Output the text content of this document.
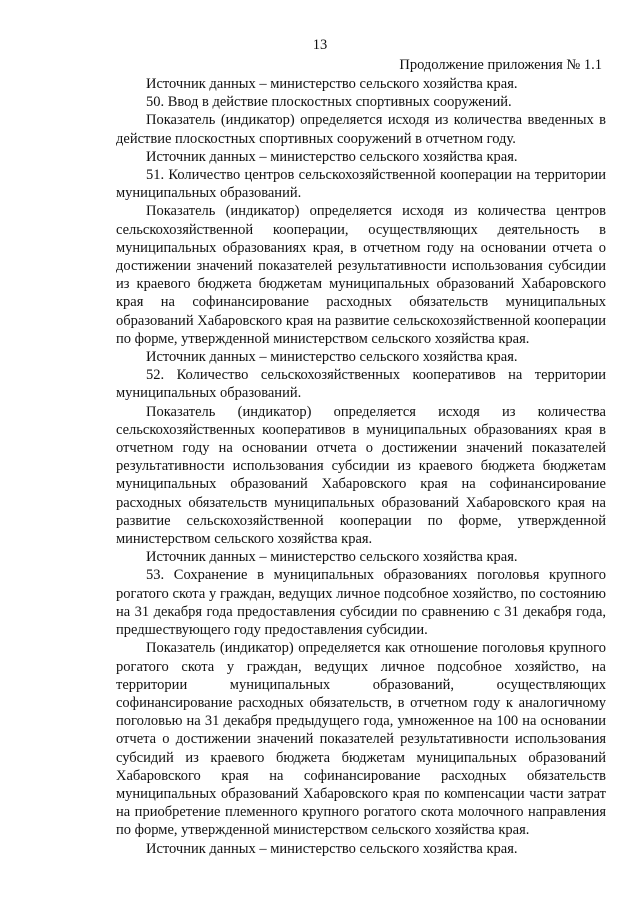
13
Продолжение приложения № 1.1

Источник данных – министерство сельского хозяйства края.

50. Ввод в действие плоскостных спортивных сооружений.

Показатель (индикатор) определяется исходя из количества введенных в действие плоскостных спортивных сооружений в отчетном году.

Источник данных – министерство сельского хозяйства края.

51. Количество центров сельскохозяйственной кооперации на территории муниципальных образований.

Показатель (индикатор) определяется исходя из количества центров сельскохозяйственной кооперации, осуществляющих деятельность в муниципальных образованиях края, в отчетном году на основании отчета о достижении значений показателей результативности использования субсидии из краевого бюджета бюджетам муниципальных образований Хабаровского края на софинансирование расходных обязательств муниципальных образований Хабаровского края на развитие сельскохозяйственной кооперации по форме, утвержденной министерством сельского хозяйства края.

Источник данных – министерство сельского хозяйства края.

52. Количество сельскохозяйственных кооперативов на территории муниципальных образований.

Показатель (индикатор) определяется исходя из количества сельскохозяйственных кооперативов в муниципальных образованиях края в отчетном году на основании отчета о достижении значений показателей результативности использования субсидии из краевого бюджета бюджетам муниципальных образований Хабаровского края на софинансирование расходных обязательств муниципальных образований Хабаровского края на развитие сельскохозяйственной кооперации по форме, утвержденной министерством сельского хозяйства края.

Источник данных – министерство сельского хозяйства края.

53. Сохранение в муниципальных образованиях поголовья крупного рогатого скота у граждан, ведущих личное подсобное хозяйство, по состоянию на 31 декабря года предоставления субсидии по сравнению с 31 декабря года, предшествующего году предоставления субсидии.

Показатель (индикатор) определяется как отношение поголовья крупного рогатого скота у граждан, ведущих личное подсобное хозяйство, на территории муниципальных образований, осуществляющих софинансирование расходных обязательств, в отчетном году к аналогичному поголовью на 31 декабря предыдущего года, умноженное на 100 на основании отчета о достижении значений показателей результативности использования субсидий из краевого бюджета бюджетам муниципальных образований Хабаровского края на софинансирование расходных обязательств муниципальных образований Хабаровского края по компенсации части затрат на приобретение племенного крупного рогатого скота молочного направления по форме, утвержденной министерством сельского хозяйства края.

Источник данных – министерство сельского хозяйства края.
